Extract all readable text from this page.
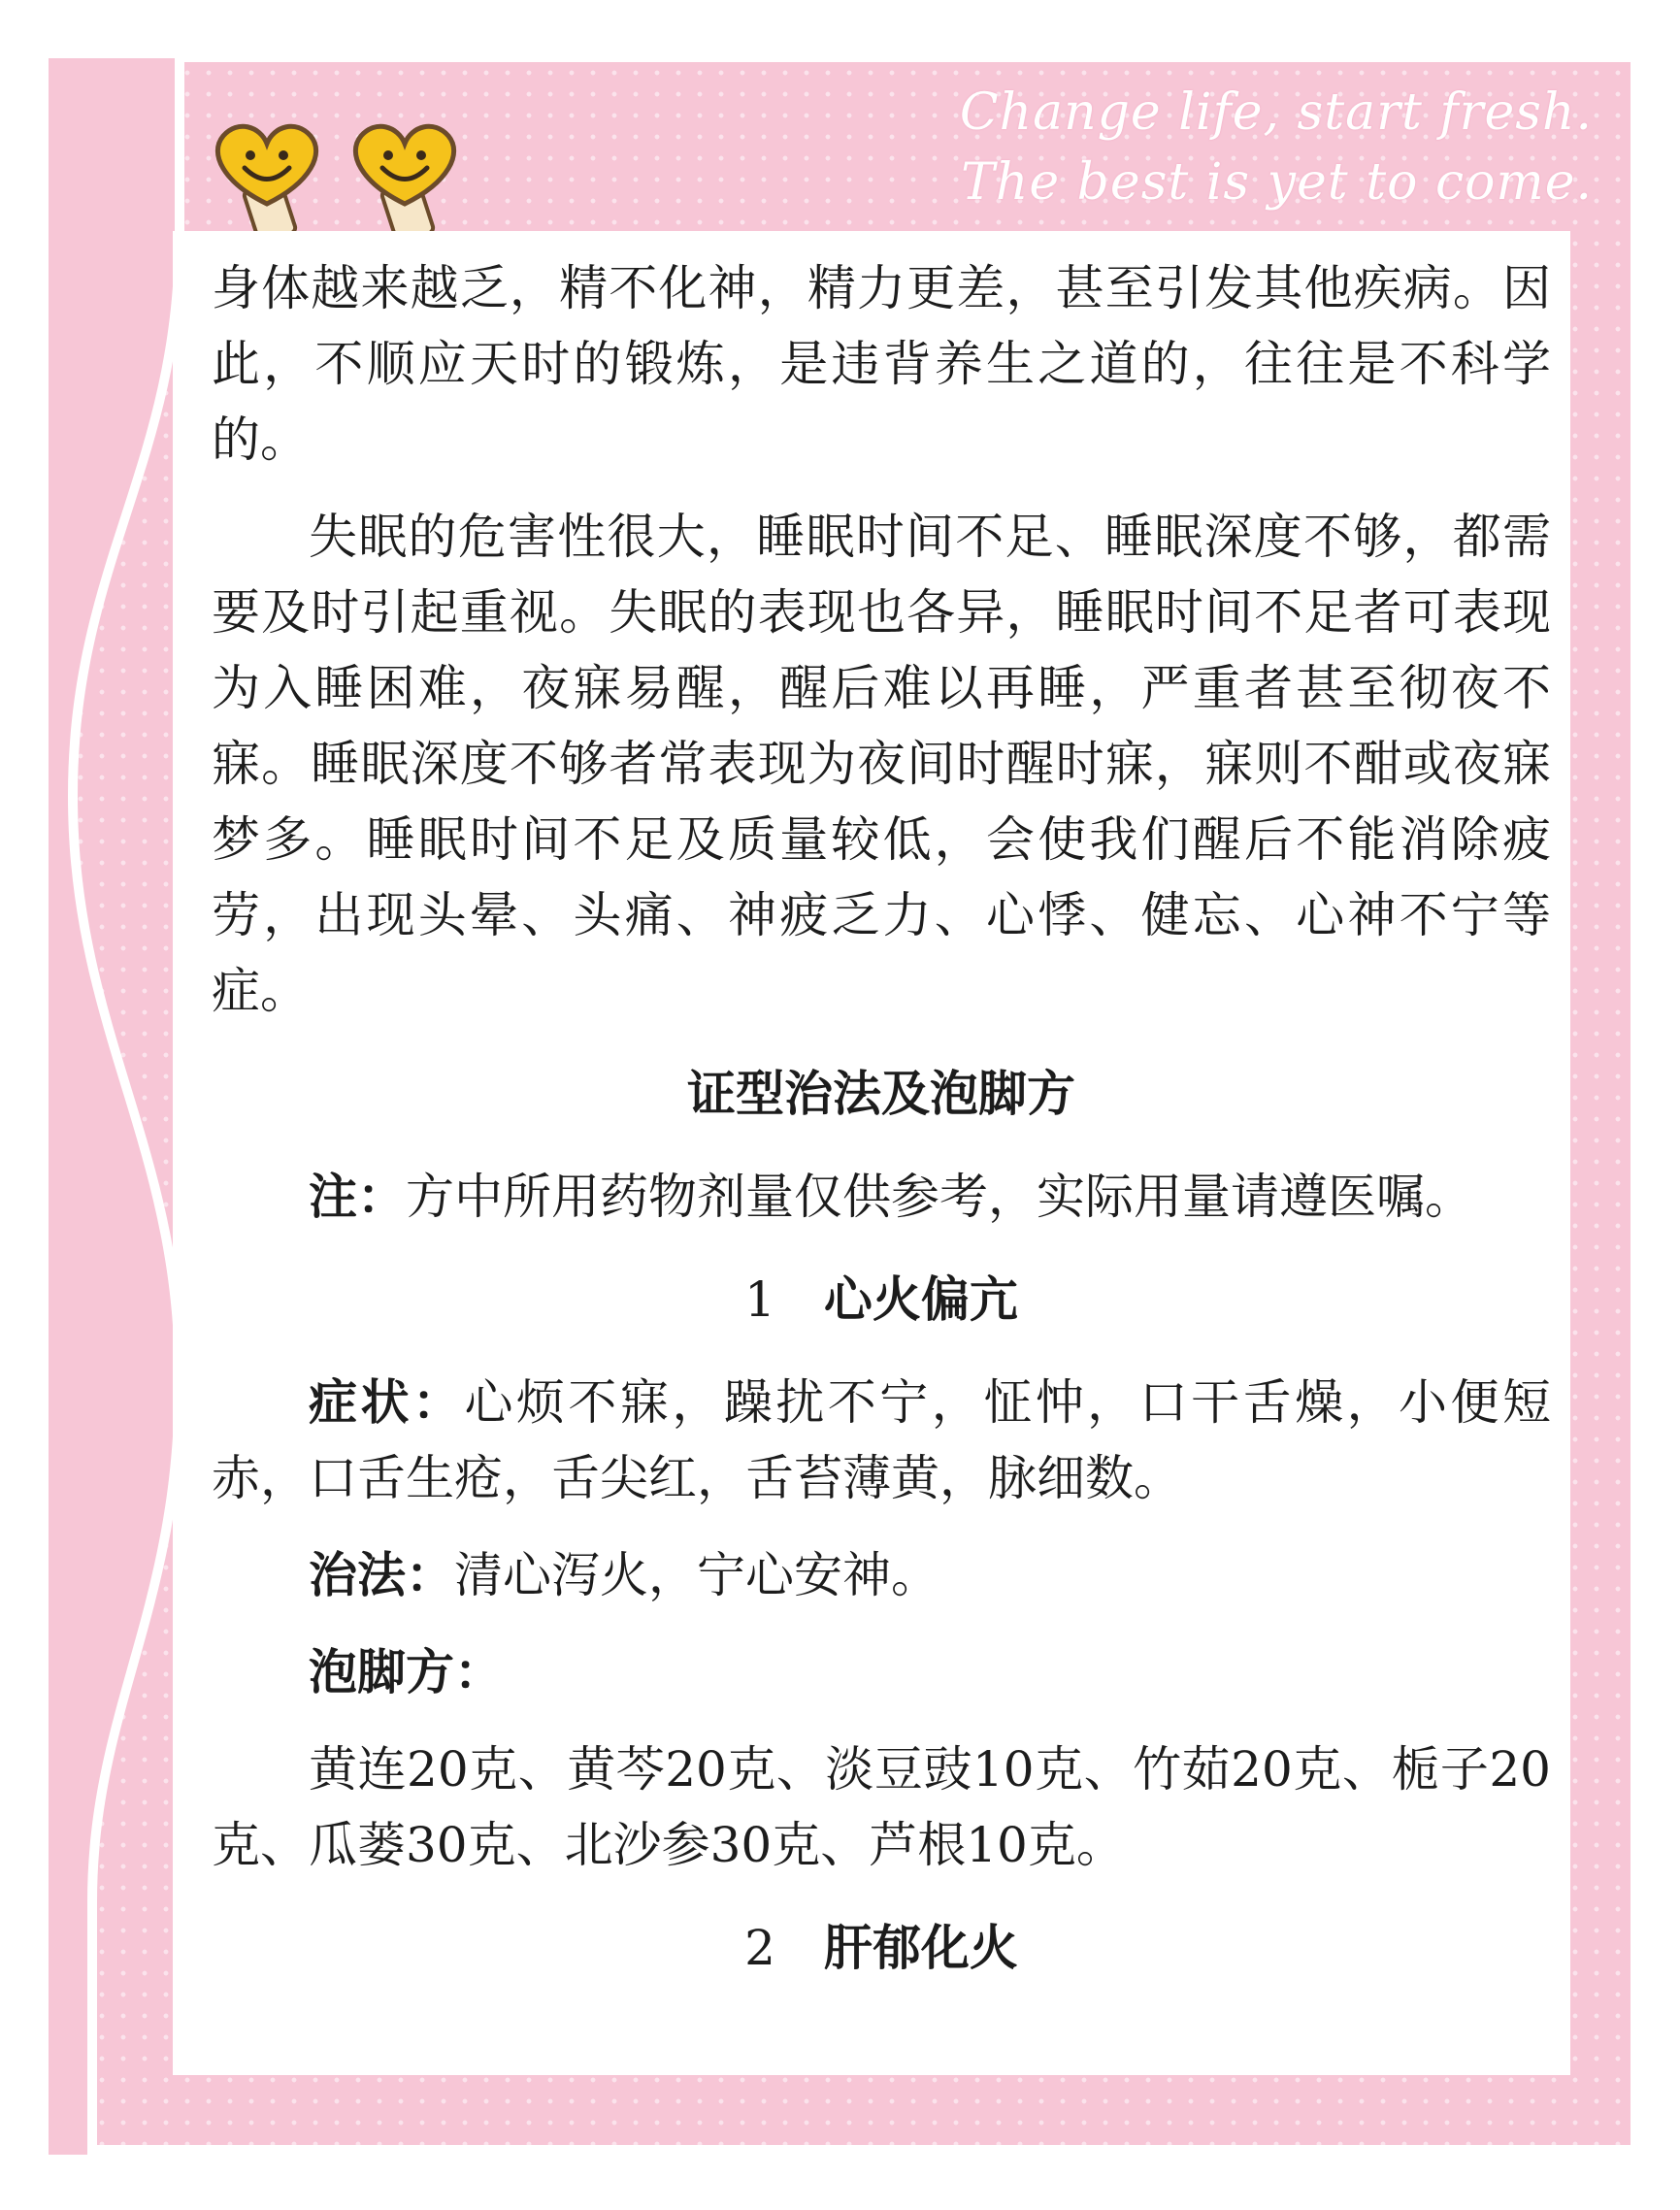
Change life, start fresh.
The best is yet to come.

身体越来越乏，精不化神，精力更差，甚至引发其他疾病。因此，不顺应天时的锻炼，是违背养生之道的，往往是不科学的。

失眠的危害性很大，睡眠时间不足、睡眠深度不够，都需要及时引起重视。失眠的表现也各异，睡眠时间不足者可表现为入睡困难，夜寐易醒，醒后难以再睡，严重者甚至彻夜不寐。睡眠深度不够者常表现为夜间时醒时寐，寐则不酣或夜寐梦多。睡眠时间不足及质量较低，会使我们醒后不能消除疲劳，出现头晕、头痛、神疲乏力、心悸、健忘、心神不宁等症。

证型治法及泡脚方

注：方中所用药物剂量仅供参考，实际用量请遵医嘱。

1 心火偏亢

症状：心烦不寐，躁扰不宁，怔忡，口干舌燥，小便短赤，口舌生疮，舌尖红，舌苔薄黄，脉细数。

治法：清心泻火，宁心安神。

泡脚方：

黄连20克、黄芩20克、淡豆豉10克、竹茹20克、栀子20克、瓜蒌30克、北沙参30克、芦根10克。

2 肝郁化火
